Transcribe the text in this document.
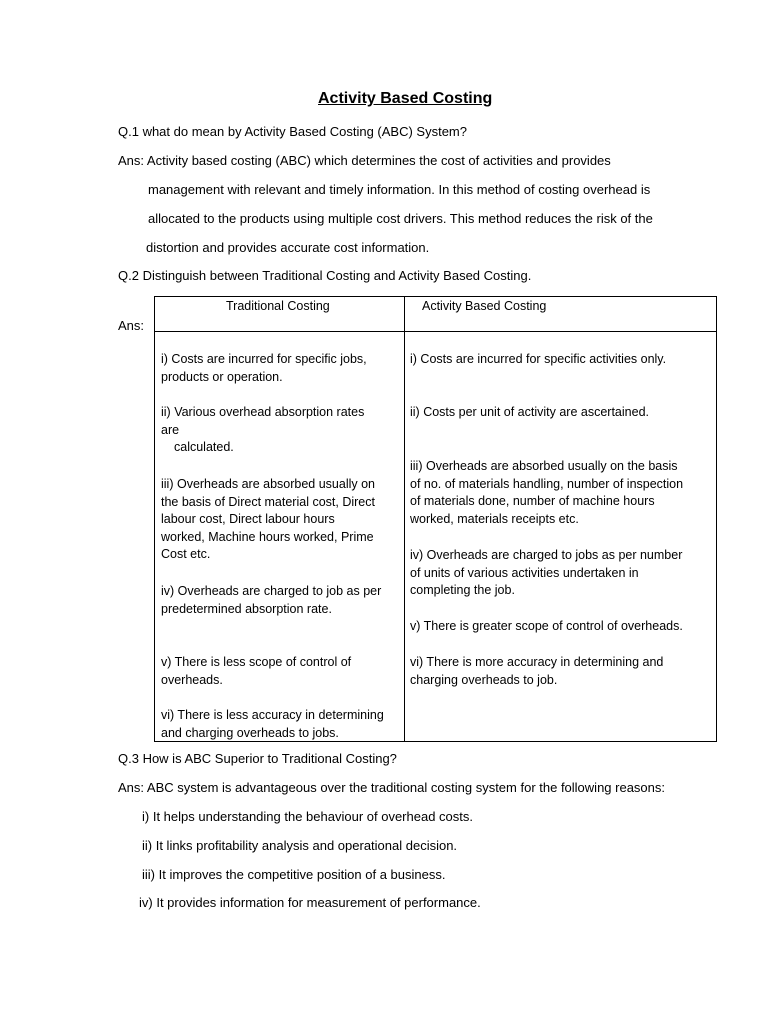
Activity Based Costing
Q.1 what do mean by Activity Based Costing (ABC) System?
Ans: Activity based costing (ABC) which determines the cost of activities and provides
management with relevant and timely information. In this method of costing overhead is
allocated to the products using multiple cost drivers. This method reduces the risk of the
distortion and provides accurate cost information.
Q.2 Distinguish between Traditional Costing and Activity Based Costing.
Ans:
Traditional Costing	Activity Based Costing
i) Costs are incurred for specific jobs,
products or operation.
ii) Various overhead absorption rates
are
calculated.
iii) Overheads are absorbed usually on
the basis of Direct material cost, Direct
labour cost, Direct labour hours
worked, Machine hours worked, Prime
Cost etc.
iv) Overheads are charged to job as per
predetermined absorption rate.
v) There is less scope of control of
overheads.
vi) There is less accuracy in determining
and charging overheads to jobs.
i) Costs are incurred for specific activities only.
ii) Costs per unit of activity are ascertained.
iii) Overheads are absorbed usually on the basis
of no. of materials handling, number of inspection
of materials done, number of machine hours
worked, materials receipts etc.
iv) Overheads are charged to jobs as per number
of units of various activities undertaken in
completing the job.
v) There is greater scope of control of overheads.
vi) There is more accuracy in determining and
charging overheads to job.
Q.3 How is ABC Superior to Traditional Costing?
Ans: ABC system is advantageous over the traditional costing system for the following reasons:
i) It helps understanding the behaviour of overhead costs.
ii) It links profitability analysis and operational decision.
iii) It improves the competitive position of a business.
iv) It provides information for measurement of performance.
